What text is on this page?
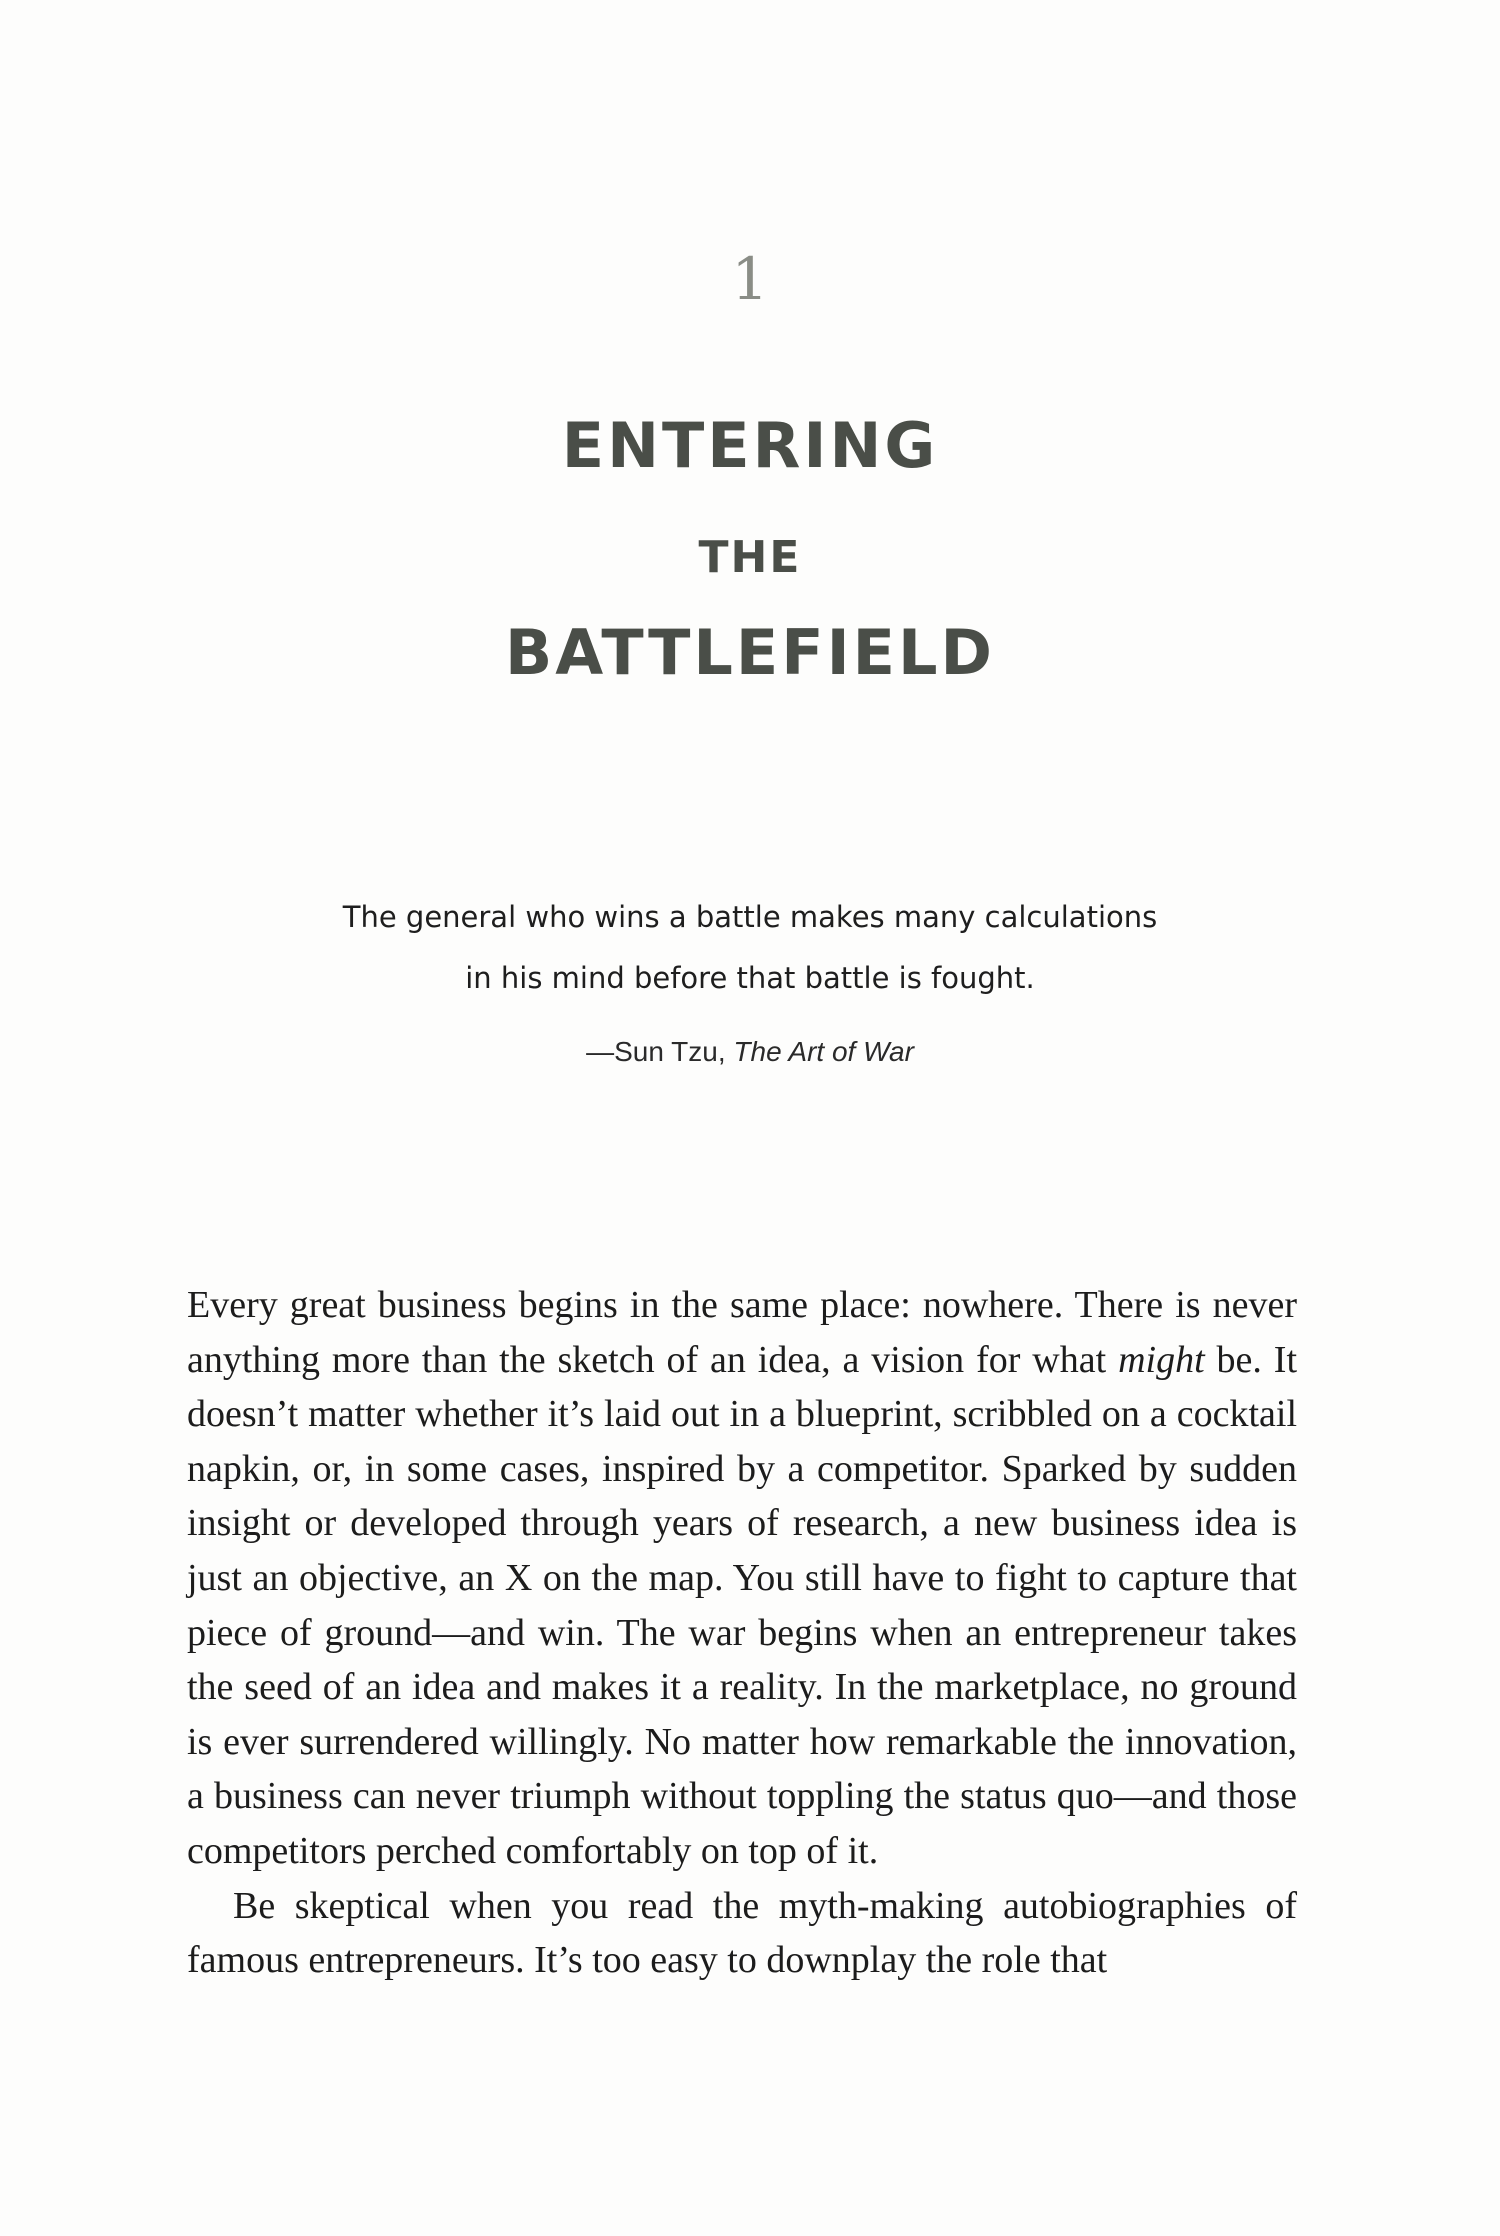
1
ENTERING
THE
BATTLEFIELD
The general who wins a battle makes many calculations
in his mind before that battle is fought.
—Sun Tzu, The Art of War

Every great business begins in the same place: nowhere. There is never anything more than the sketch of an idea, a vision for what might be. It doesn’t matter whether it’s laid out in a blueprint, scribbled on a cocktail napkin, or, in some cases, inspired by a competitor. Sparked by sudden insight or developed through years of research, a new business idea is just an objective, an X on the map. You still have to fight to capture that piece of ground—and win. The war begins when an entrepreneur takes the seed of an idea and makes it a reality. In the marketplace, no ground is ever surrendered willingly. No matter how remarkable the innovation, a business can never triumph without toppling the status quo—and those competitors perched comfortably on top of it.

Be skeptical when you read the myth-making autobiographies of famous entrepreneurs. It’s too easy to downplay the role that
